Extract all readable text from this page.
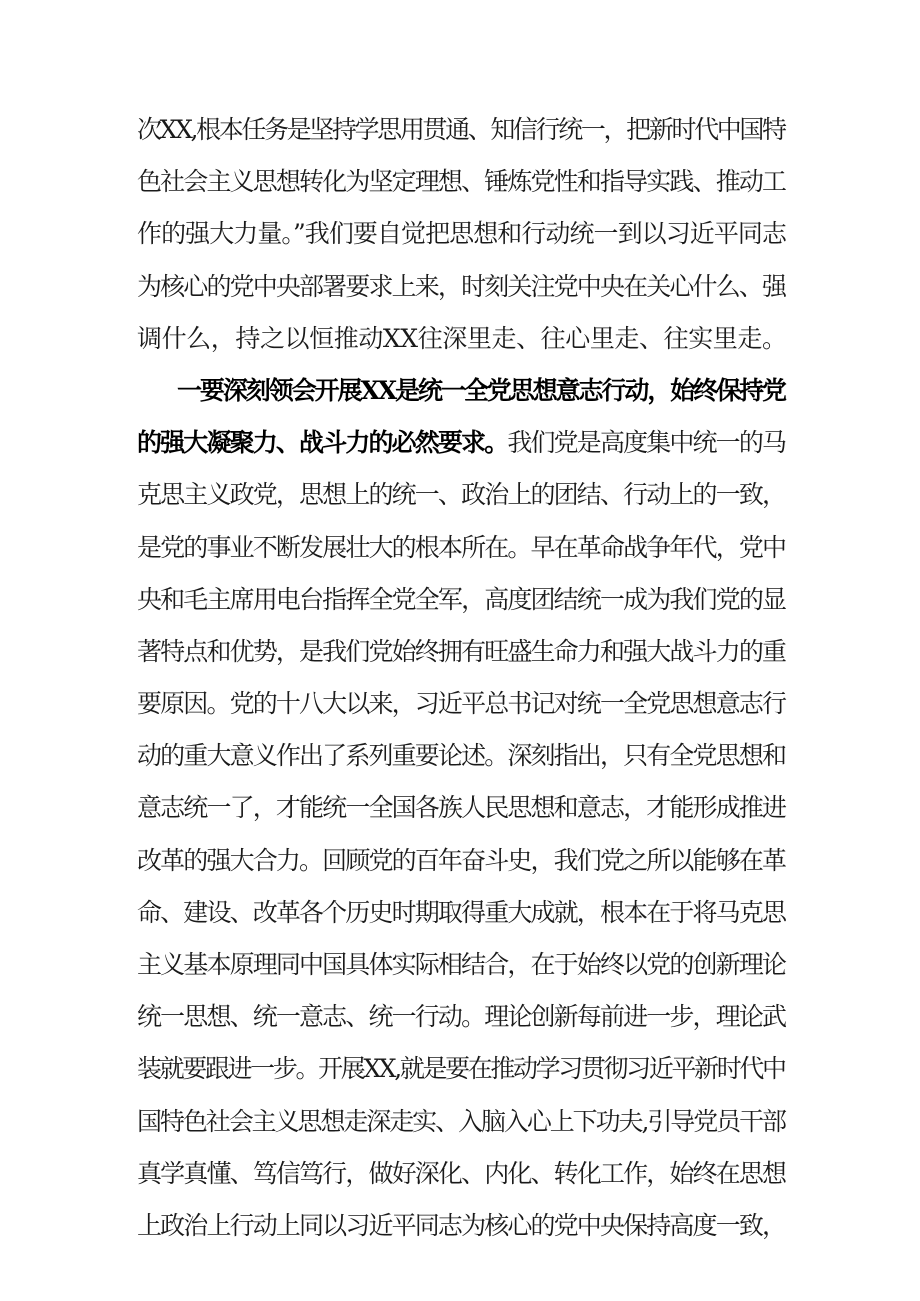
次XX,根本任务是坚持学思用贯通、知信行统一，把新时代中国特
色社会主义思想转化为坚定理想、锤炼党性和指导实践、推动工
作的强大力量。”我们要自觉把思想和行动统一到以习近平同志
为核心的党中央部署要求上来，时刻关注党中央在关心什么、强
调什么，持之以恒推动XX往深里走、往心里走、往实里走。
一要深刻领会开展XX是统一全党思想意志行动，始终保持党
的强大凝聚力、战斗力的必然要求。我们党是高度集中统一的马
克思主义政党，思想上的统一、政治上的团结、行动上的一致，
是党的事业不断发展壮大的根本所在。早在革命战争年代，党中
央和毛主席用电台指挥全党全军，高度团结统一成为我们党的显
著特点和优势，是我们党始终拥有旺盛生命力和强大战斗力的重
要原因。党的十八大以来，习近平总书记对统一全党思想意志行
动的重大意义作出了系列重要论述。深刻指出，只有全党思想和
意志统一了，才能统一全国各族人民思想和意志，才能形成推进
改革的强大合力。回顾党的百年奋斗史，我们党之所以能够在革
命、建设、改革各个历史时期取得重大成就，根本在于将马克思
主义基本原理同中国具体实际相结合，在于始终以党的创新理论
统一思想、统一意志、统一行动。理论创新每前进一步，理论武
装就要跟进一步。开展XX,就是要在推动学习贯彻习近平新时代中
国特色社会主义思想走深走实、入脑入心上下功夫,引导党员干部
真学真懂、笃信笃行，做好深化、内化、转化工作，始终在思想
上政治上行动上同以习近平同志为核心的党中央保持高度一致，
